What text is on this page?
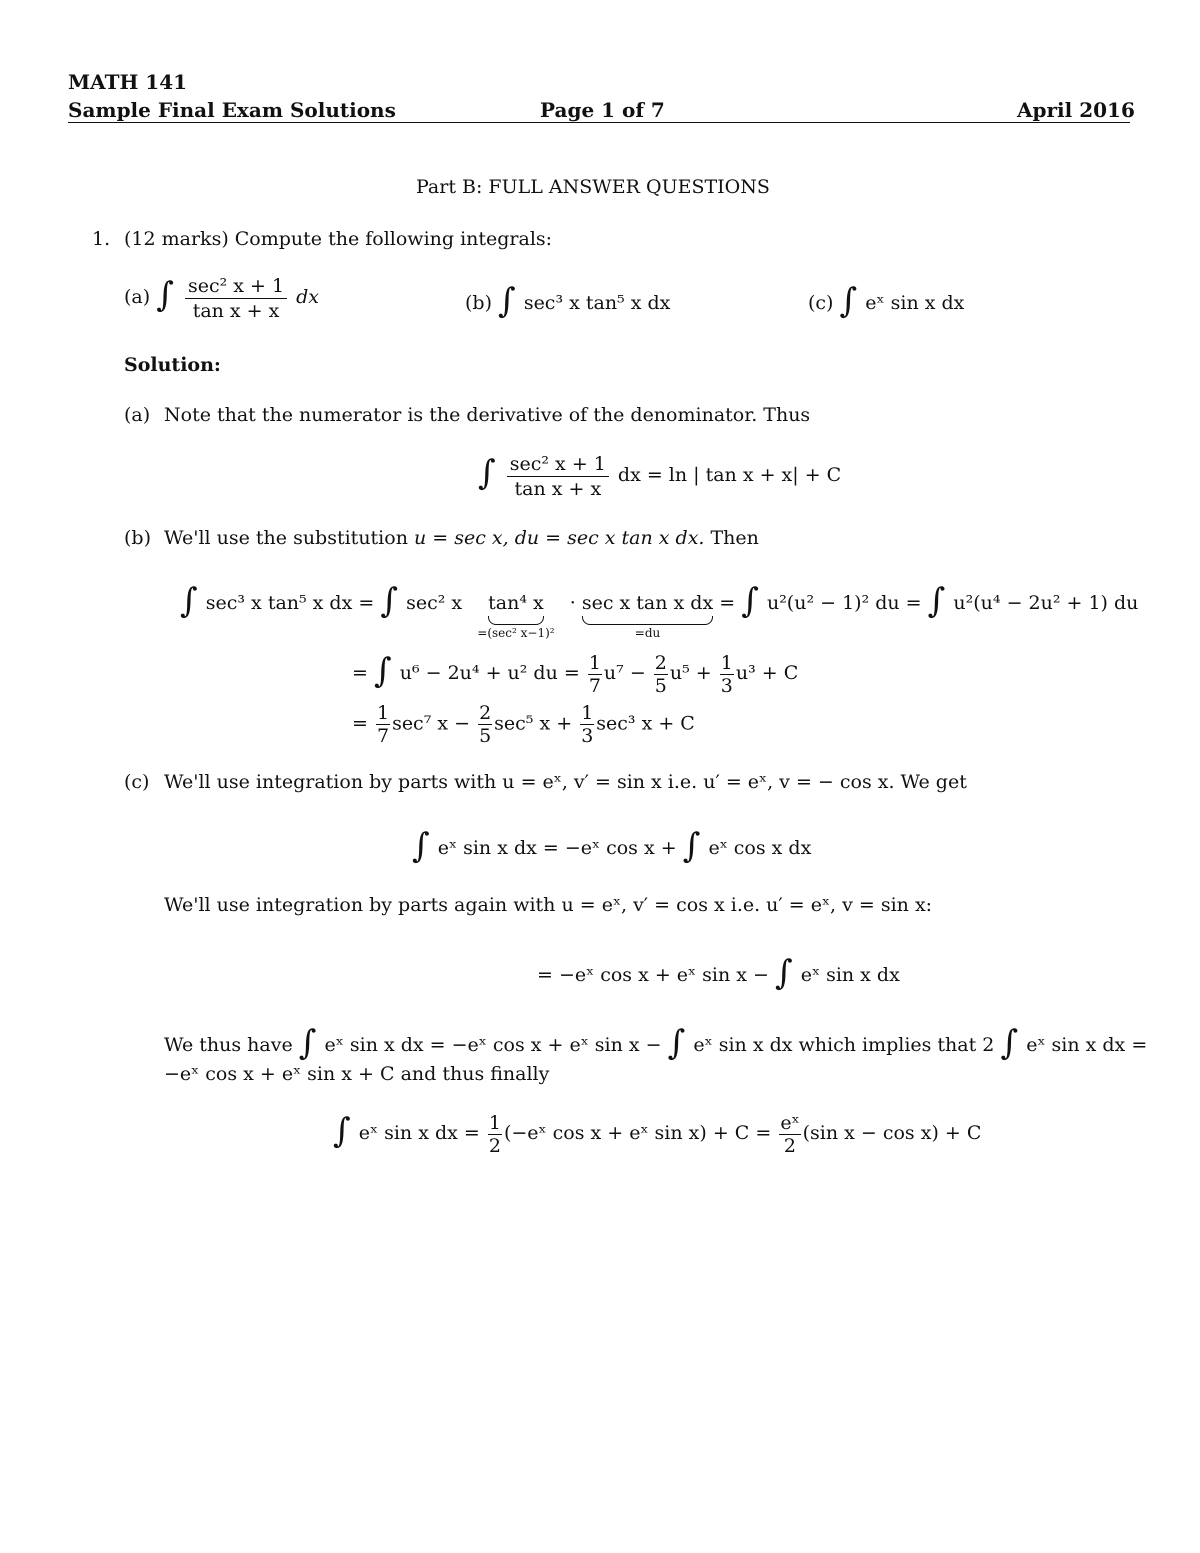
MATH 141
Sample Final Exam Solutions	Page 1 of 7	April 2016
Part B: FULL ANSWER QUESTIONS
1. (12 marks) Compute the following integrals:
(a) ∫ $\frac{\text{sec² x + 1}}{\text{tan x + x}}$ dx	(b) ∫ sec³ x tan⁵ x dx	(c) ∫ eˣ sin x dx
Solution:
(a) Note that the numerator is the derivative of the denominator. Thus
∫ $\frac{\text{sec² x + 1}}{\text{tan x + x}}$ dx = ln | tan x + x| + C
(b) We'll use the substitution u = sec x, du = sec x tan x dx. Then
∫ sec³ x tan⁵ x dx = ∫ sec² x tan⁴ x
=(sec² x−1)²
· sec x tan x dx
=du
= ∫ u²(u² − 1)² du = ∫ u²(u⁴ − 2u² + 1) du
= ∫ u⁶ − 2u⁴ + u² du = $\frac{1}{7} u^7 - \frac{2}{5} u^5 + \frac{1}{3} u^3 + C$
= $\frac{1}{7} \sec^7$ $x - \frac{2}{5} \sec^5$ $x + \frac{1}{3} \sec^3$ x + C
(c) We'll use integration by parts with u = eˣ, v′ = sin x i.e. u′ = eˣ, v = − cos x. We get
∫ eˣ sin x dx = −eˣ cos x + ∫ eˣ cos x dx
We'll use integration by parts again with u = eˣ, v′ = cos x i.e. u′ = eˣ, v = sin x:
= −eˣ cos x + eˣ sin x − ∫ eˣ sin x dx
We thus have ∫ eˣ sin x dx = −eˣ cos x + eˣ sin x − ∫ eˣ sin x dx which implies that 2 ∫ eˣ sin x dx =
−eˣ cos x + eˣ sin x + C and thus finally
∫ eˣ sin x dx = $\frac{1}{2}$ (−eˣ cos x + eˣ $\sin x) + C = \frac{\text{eˣ}}{2} (\sin$ x − cos x) + C
